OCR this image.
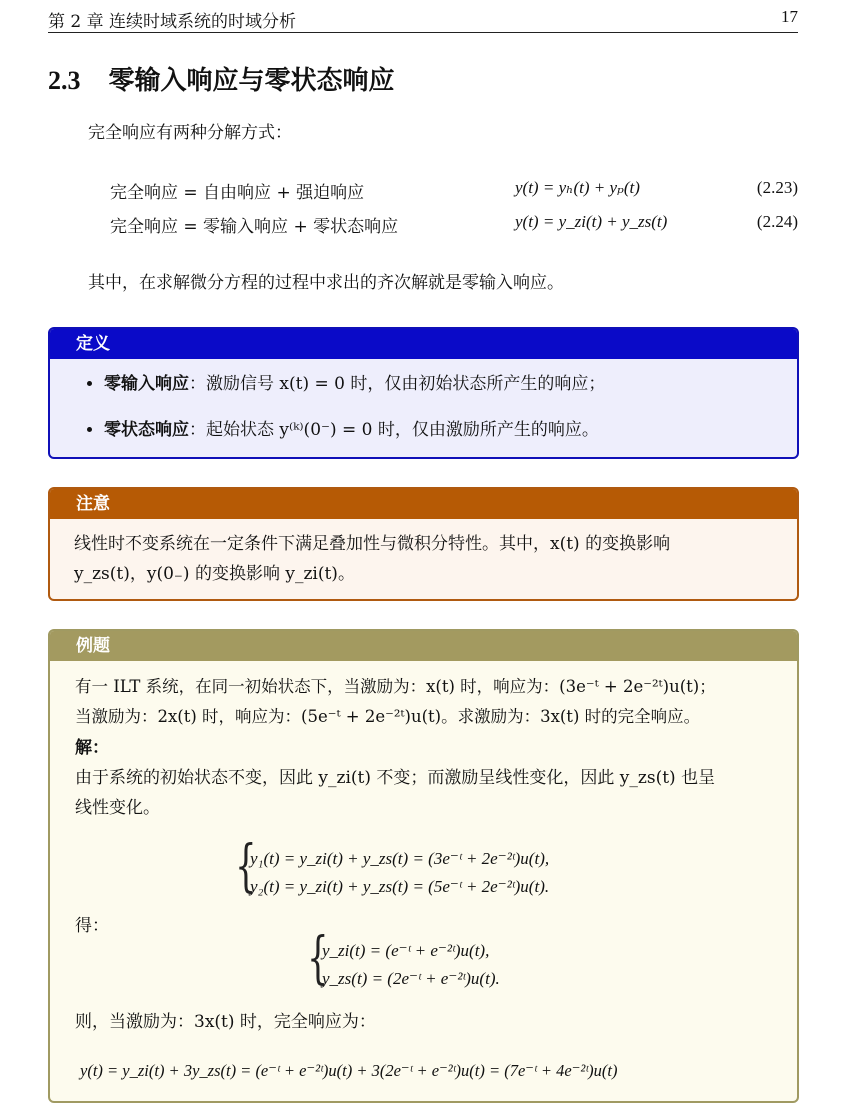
第 2 章 连续时域系统的时域分析	17
2.3 零输入响应与零状态响应
完全响应有两种分解方式：
完全响应 = 自由响应 + 强迫响应	y(t) = yₕ(t) + yₚ(t)	(2.23)
完全响应 = 零输入响应 + 零状态响应	y(t) = y_zi(t) + y_zs(t)	(2.24)
其中，在求解微分方程的过程中求出的齐次解就是零输入响应。
定义
• 零输入响应：激励信号 x(t) = 0 时，仅由初始状态所产生的响应；
• 零状态响应：起始状态 y⁽ᵏ⁾(0⁻) = 0 时，仅由激励所产生的响应。
注意
线性时不变系统在一定条件下满足叠加性与微积分特性。其中，x(t) 的变换影响
y_zs(t)，y(0₋) 的变换影响 y_zi(t)。
例题
有一 ILT 系统，在同一初始状态下，当激励为：x(t) 时，响应为：(3e⁻ᵗ + 2e⁻²ᵗ)u(t)；
当激励为：2x(t) 时，响应为：(5e⁻ᵗ + 2e⁻²ᵗ)u(t)。求激励为：3x(t) 时的完全响应。
解：
由于系统的初始状态不变，因此 y_zi(t) 不变；而激励呈线性变化，因此 y_zs(t) 也呈
线性变化。
{
y₁(t) = y_zi(t) + y_zs(t) = (3e⁻ᵗ + 2e⁻²ᵗ)u(t),
y₂(t) = y_zi(t) + y_zs(t) = (5e⁻ᵗ + 2e⁻²ᵗ)u(t).
得：	{
y_zi(t) = (e⁻ᵗ + e⁻²ᵗ)u(t),
y_zs(t) = (2e⁻ᵗ + e⁻²ᵗ)u(t).
则，当激励为：3x(t) 时，完全响应为：
y(t) = y_zi(t) + 3y_zs(t) = (e⁻ᵗ + e⁻²ᵗ)u(t) + 3(2e⁻ᵗ + e⁻²ᵗ)u(t) = (7e⁻ᵗ + 4e⁻²ᵗ)u(t)
